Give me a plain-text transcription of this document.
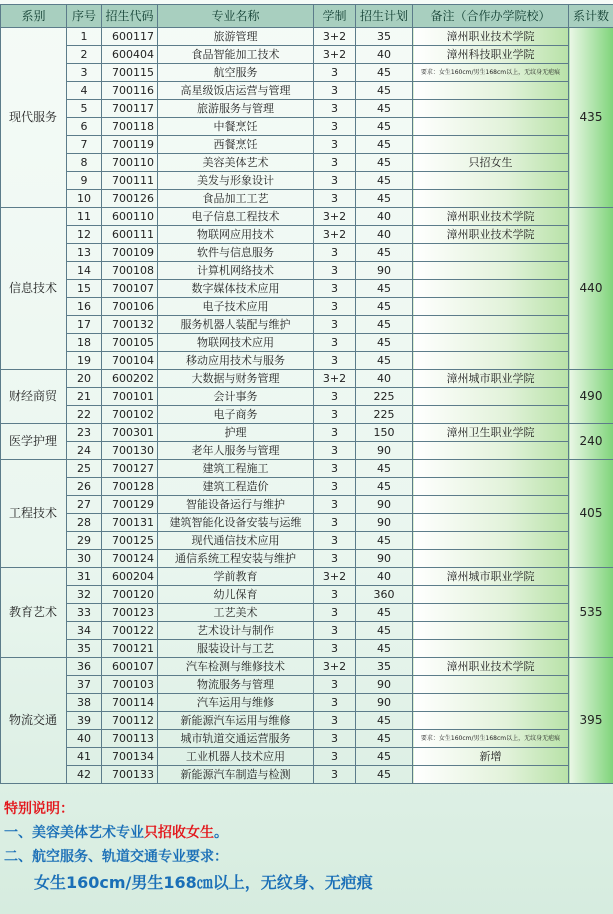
系别	序号	招生代码	专业名称	学制	招生计划	备注（合作办学院校）	系计数
现代服务	1	600117	旅游管理	3+2	35	漳州职业技术学院	435
	2	600404	食品智能加工技术	3+2	40	漳州科技职业学院	
	3	700115	航空服务	3	45	要求：女生160cm/男生168cm以上，无纹身无疤痕	
	4	700116	高星级饭店运营与管理	3	45		
	5	700117	旅游服务与管理	3	45		
	6	700118	中餐烹饪	3	45		
	7	700119	西餐烹饪	3	45		
	8	700110	美容美体艺术	3	45	只招女生	
	9	700111	美发与形象设计	3	45		
	10	700126	食品加工工艺	3	45		
信息技术	11	600110	电子信息工程技术	3+2	40	漳州职业技术学院	440
	12	600111	物联网应用技术	3+2	40	漳州职业技术学院	
	13	700109	软件与信息服务	3	45		
	14	700108	计算机网络技术	3	90		
	15	700107	数字媒体技术应用	3	45		
	16	700106	电子技术应用	3	45		
	17	700132	服务机器人装配与维护	3	45		
	18	700105	物联网技术应用	3	45		
	19	700104	移动应用技术与服务	3	45		
财经商贸	20	600202	大数据与财务管理	3+2	40	漳州城市职业学院	490
	21	700101	会计事务	3	225		
	22	700102	电子商务	3	225		
医学护理	23	700301	护理	3	150	漳州卫生职业学院	240
	24	700130	老年人服务与管理	3	90		
工程技术	25	700127	建筑工程施工	3	45		405
	26	700128	建筑工程造价	3	45		
	27	700129	智能设备运行与维护	3	90		
	28	700131	建筑智能化设备安装与运维	3	90		
	29	700125	现代通信技术应用	3	45		
	30	700124	通信系统工程安装与维护	3	90		
教育艺术	31	600204	学前教育	3+2	40	漳州城市职业学院	535
	32	700120	幼儿保育	3	360		
	33	700123	工艺美术	3	45		
	34	700122	艺术设计与制作	3	45		
	35	700121	服装设计与工艺	3	45		
物流交通	36	600107	汽车检测与维修技术	3+2	35	漳州职业技术学院	395
	37	700103	物流服务与管理	3	90		
	38	700114	汽车运用与维修	3	90		
	39	700112	新能源汽车运用与维修	3	45		
	40	700113	城市轨道交通运营服务	3	45	要求：女生160cm/男生168cm以上，无纹身无疤痕	
	41	700134	工业机器人技术应用	3	45	新增	
	42	700133	新能源汽车制造与检测	3	45		
特别说明：
一、美容美体艺术专业只招收女生。
二、航空服务、轨道交通专业要求：
女生160cm/男生168㎝以上，无纹身、无疤痕
